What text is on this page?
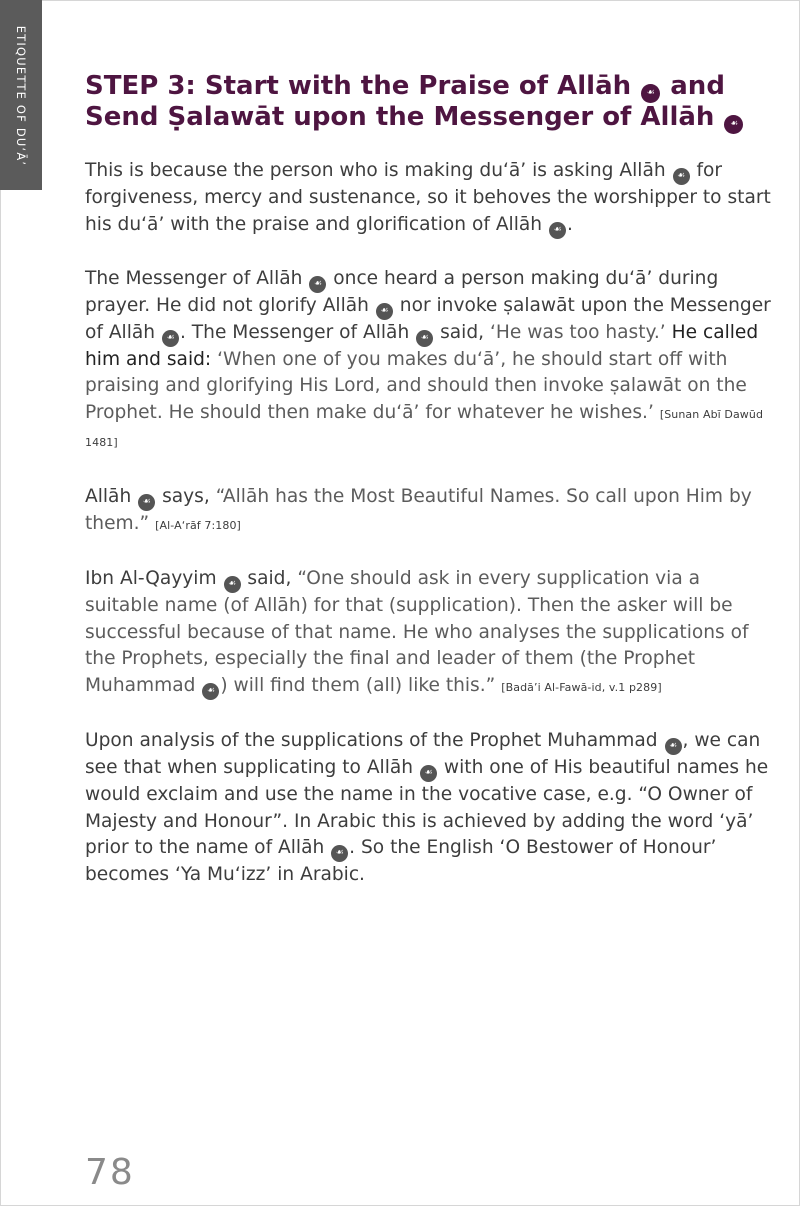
ETIQUETTE OF DU‘Ā’ STEP 3: Start with the Praise of Allāh ☙ and Send Ṣalawāt upon the Messenger of Allāh ☙

This is because the person who is making du‘ā’ is asking Allāh ☙ for forgiveness, mercy and sustenance, so it behoves the worshipper to start his du‘ā’ with the praise and glorification of Allāh ☙ .

The Messenger of Allāh ☙ once heard a person making du‘ā’ during prayer. He did not glorify Allāh ☙ nor invoke ṣalawāt upon the Messenger of Allāh ☙ . The Messenger of Allāh ☙ said, ‘He was too hasty.’ He called him and said: ‘When one of you makes du‘ā’, he should start off with praising and glorifying His Lord, and should then invoke ṣalawāt on the Prophet. He should then make du‘ā’ for whatever he wishes.’ [Sunan Abī Dawūd 1481]

Allāh ☙ says, “Allāh has the Most Beautiful Names. So call upon Him by them.” [Al-A‘rāf 7:180]

Ibn Al-Qayyim ☙ said, “One should ask in every supplication via a suitable name (of Allāh) for that (supplication). Then the asker will be successful because of that name. He who analyses the supplications of the Prophets, especially the final and leader of them (the Prophet Muhammad ☙ ) will find them (all) like this.” [Badā’i Al-Fawā-id, v.1 p289]

Upon analysis of the supplications of the Prophet Muhammad ☙ , we can see that when supplicating to Allāh ☙ with one of His beautiful names he would exclaim and use the name in the vocative case, e.g. “O Owner of Majesty and Honour”. In Arabic this is achieved by adding the word ‘yā’ prior to the name of Allāh ☙ . So the English ‘O Bestower of Honour’ becomes ‘Ya Mu‘izz’ in Arabic.

78
